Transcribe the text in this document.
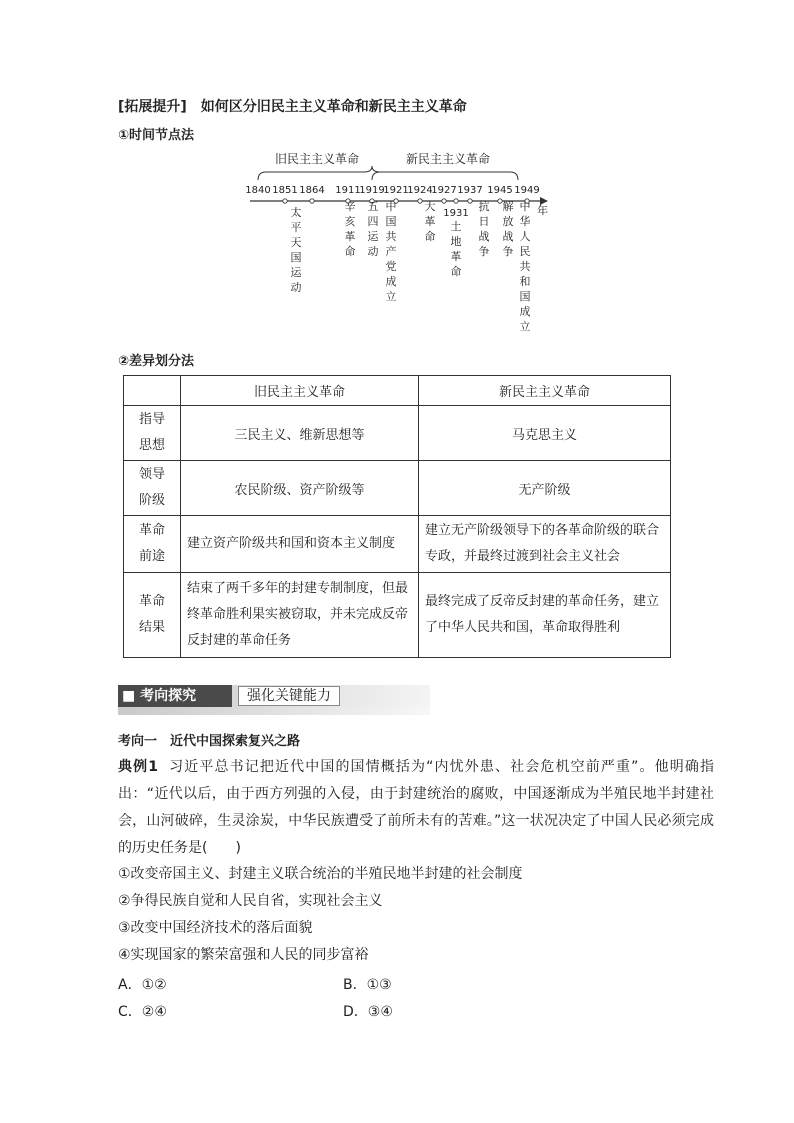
[拓展提升] 如何区分旧民主主义革命和新民主主义革命
①时间节点法
旧民主主义革命	新民主主义革命
1840 1851 1864 1911
1919
1921
1924
1927 1937 1945 1949
年
1931
太平天国运动
辛亥革命
五四运动
中国共产党成立
大革命
土地革命
抗日战争
解放战争
中华人民共和国成立
②差异划分法
	旧民主主义革命	新民主主义革命
指导
思想	三民主义、维新思想等	马克思主义
领导
阶级	农民阶级、资产阶级等	无产阶级
革命
前途	建立资产阶级共和国和资本主义制度	建立无产阶级领导下的各革命阶级的联合专政，并最终过渡到社会主义社会
革命
结果	结束了两千多年的封建专制制度，但最终革命胜利果实被窃取，并未完成反帝反封建的革命任务	最终完成了反帝反封建的革命任务，建立了中华人民共和国，革命取得胜利
■ 考向探究	强化关键能力
考向一　近代中国探索复兴之路
典例1 习近平总书记把近代中国的国情概括为“内忧外患、社会危机空前严重”。他明确指出：“近代以后，由于西方列强的入侵，由于封建统治的腐败，中国逐渐成为半殖民地半封建社会，山河破碎，生灵涂炭，中华民族遭受了前所未有的苦难。”这一状况决定了中国人民必须完成的历史任务是(　　)
①改变帝国主义、封建主义联合统治的半殖民地半封建的社会制度
②争得民族自觉和人民自省，实现社会主义
③改变中国经济技术的落后面貌
④实现国家的繁荣富强和人民的同步富裕
A．①②	B．①③
C．②④	D．③④
